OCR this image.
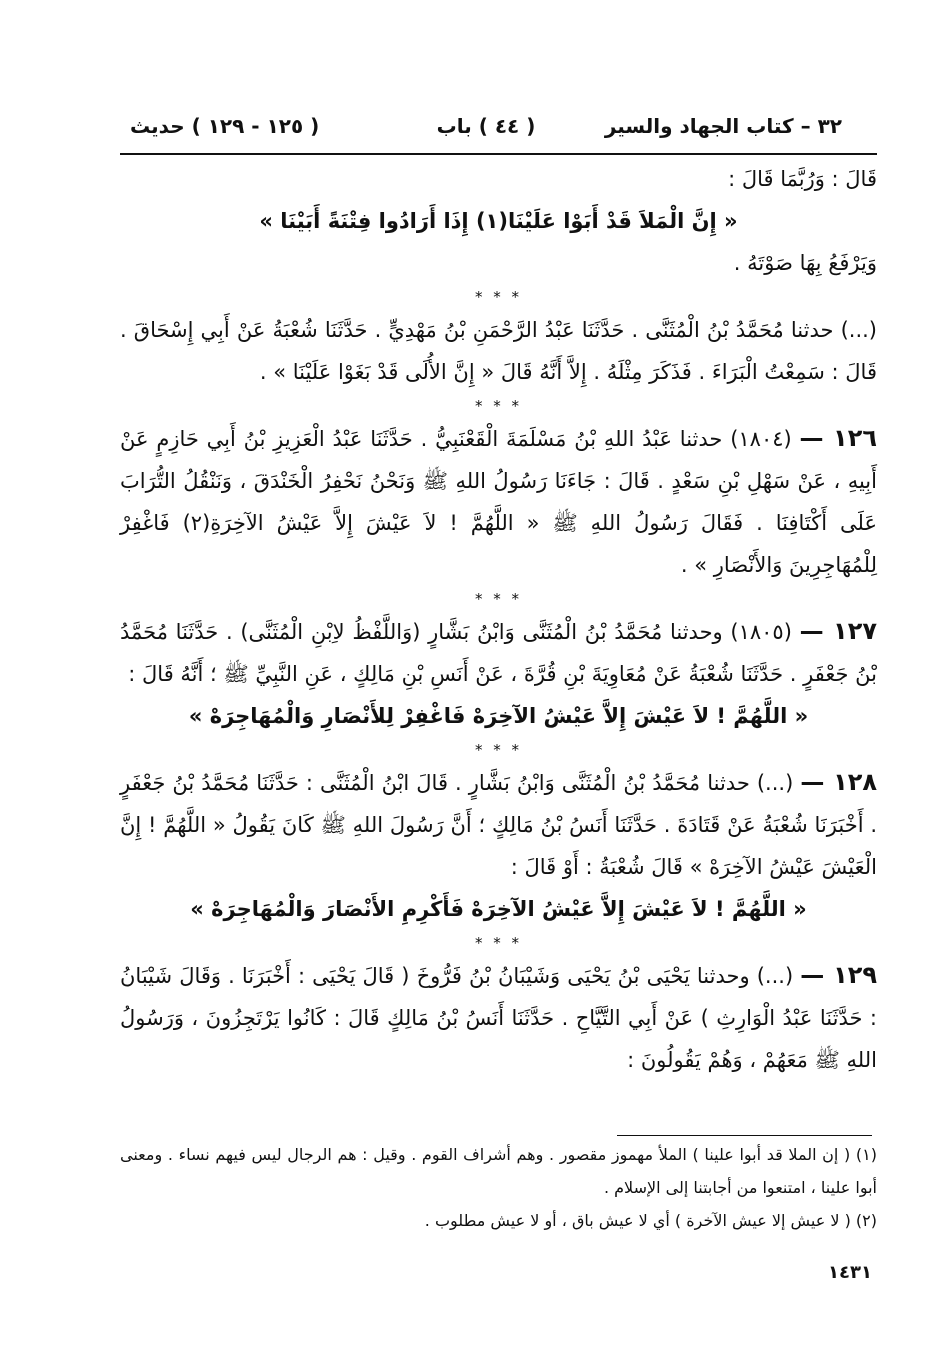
٣٢ – كتاب الجهاد والسير
( ٤٤ ) باب
( ١٢٥ - ١٢٩ ) حديث

قَالَ : وَرُبَّمَا قَالَ :

« إِنَّ الْمَلاَ قَدْ أَبَوْا عَلَيْنَا(١) إِذَا أَرَادُوا فِتْنَةً أَبَيْنَا »

وَيَرْفَعُ بِهَا صَوْتَهُ .

* * *

(...) حدثنا مُحَمَّدُ بْنُ الْمُثَنَّى . حَدَّثَنَا عَبْدُ الرَّحْمَنِ بْنُ مَهْدِيٍّ . حَدَّثَنَا شُعْبَةُ عَنْ أَبِي إِسْحَاقَ . قَالَ : سَمِعْتُ الْبَرَاءَ . فَذَكَرَ مِثْلَهُ . إِلاَّ أَنَّهُ قَالَ « إِنَّ الأُلَى قَدْ بَغَوْا عَلَيْنَا » .

* * *

١٢٦ — (١٨٠٤) حدثنا عَبْدُ اللهِ بْنُ مَسْلَمَةَ الْقَعْنَبِيُّ . حَدَّثَنَا عَبْدُ الْعَزِيزِ بْنُ أَبِي حَازِمٍ عَنْ أَبِيهِ ، عَنْ سَهْلِ بْنِ سَعْدٍ . قَالَ : جَاءَنَا رَسُولُ اللهِ ﷺ وَنَحْنُ نَحْفِرُ الْخَنْدَقَ ، وَنَنْقُلُ التُّرَابَ عَلَى أَكْتَافِنَا . فَقَالَ رَسُولُ اللهِ ﷺ « اللَّهُمَّ ! لاَ عَيْشَ إِلاَّ عَيْشُ الآخِرَةِ(٢) فَاغْفِرْ لِلْمُهَاجِرِينَ وَالأَنْصَارِ » .

* * *

١٢٧ — (١٨٠٥) وحدثنا مُحَمَّدُ بْنُ الْمُثَنَّى وَابْنُ بَشَّارٍ (وَاللَّفْظُ لاِبْنِ الْمُثَنَّى) . حَدَّثَنَا مُحَمَّدُ بْنُ جَعْفَرٍ . حَدَّثَنَا شُعْبَةُ عَنْ مُعَاوِيَةَ بْنِ قُرَّةَ ، عَنْ أَنَسِ بْنِ مَالِكٍ ، عَنِ النَّبِيِّ ﷺ ؛ أَنَّهُ قَالَ :

« اللَّهُمَّ ! لاَ عَيْشَ إِلاَّ عَيْشُ الآخِرَهْ فَاغْفِرْ لِلأَنْصَارِ وَالْمُهَاجِرَهْ »

* * *

١٢٨ — (...) حدثنا مُحَمَّدُ بْنُ الْمُثَنَّى وَابْنُ بَشَّارٍ . قَالَ ابْنُ الْمُثَنَّى : حَدَّثَنَا مُحَمَّدُ بْنُ جَعْفَرٍ . أَخْبَرَنَا شُعْبَةُ عَنْ قَتَادَةَ . حَدَّثَنَا أَنَسُ بْنُ مَالِكٍ ؛ أَنَّ رَسُولَ اللهِ ﷺ كَانَ يَقُولُ « اللَّهُمَّ ! إِنَّ الْعَيْشَ عَيْشُ الآخِرَهْ » قَالَ شُعْبَةُ : أَوْ قَالَ :

« اللَّهُمَّ ! لاَ عَيْشَ إِلاَّ عَيْشُ الآخِرَهْ فَأَكْرِمِ الأَنْصَارَ وَالْمُهَاجِرَهْ »

* * *

١٢٩ — (...) وحدثنا يَحْيَى بْنُ يَحْيَى وَشَيْبَانُ بْنُ فَرُّوخَ ( قَالَ يَحْيَى : أَخْبَرَنَا . وَقَالَ شَيْبَانُ : حَدَّثَنَا عَبْدُ الْوَارِثِ ) عَنْ أَبِي التَّيَّاحِ . حَدَّثَنَا أَنَسُ بْنُ مَالِكٍ قَالَ : كَانُوا يَرْتَجِزُونَ ، وَرَسُولُ اللهِ ﷺ مَعَهُمْ ، وَهُمْ يَقُولُونَ :

(١) ( إن الملا قد أبوا علينا ) الملأ مهموز مقصور . وهم أشراف القوم . وقيل : هم الرجال ليس فيهم نساء . ومعنى أبوا علينا ، امتنعوا من أجابتنا إلى الإسلام .

(٢) ( لا عيش إلا عيش الآخرة ) أي لا عيش باق ، أو لا عيش مطلوب .

١٤٣١
